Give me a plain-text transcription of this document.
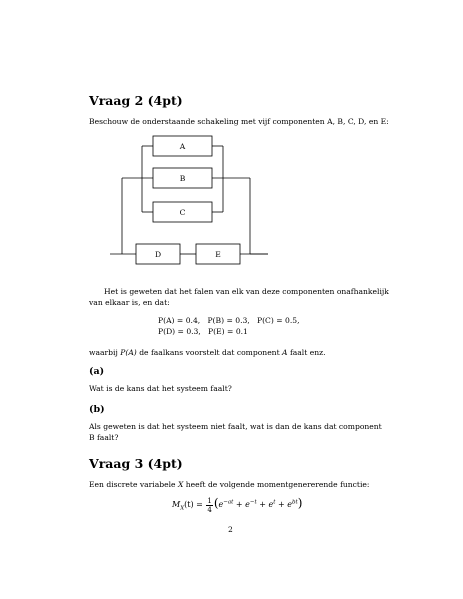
Vraag 2 (4pt)
Beschouw de onderstaande schakeling met vijf componenten A, B, C, D, en E:
A
B
C
D	E
Het is geweten dat het falen van elk van deze componenten onafhankelijk
van elkaar is, en dat:
P(A) = 0.4,   P(B) = 0.3,   P(C) = 0.5,
P(D) = 0.3,   P(E) = 0.1
waarbij P(A) de faalkans voorstelt dat component A faalt enz.
(a)
Wat is de kans dat het systeem faalt?
(b)
Als geweten is dat het systeem niet faalt, wat is dan de kans dat component
B faalt?
Vraag 3 (4pt)
Een discrete variabele X heeft de volgende momentgenererende functie:
$M_X(t) = \frac{1}{4} (e^{-at} + e^{-t} + e^t + e^{bt})$
2
